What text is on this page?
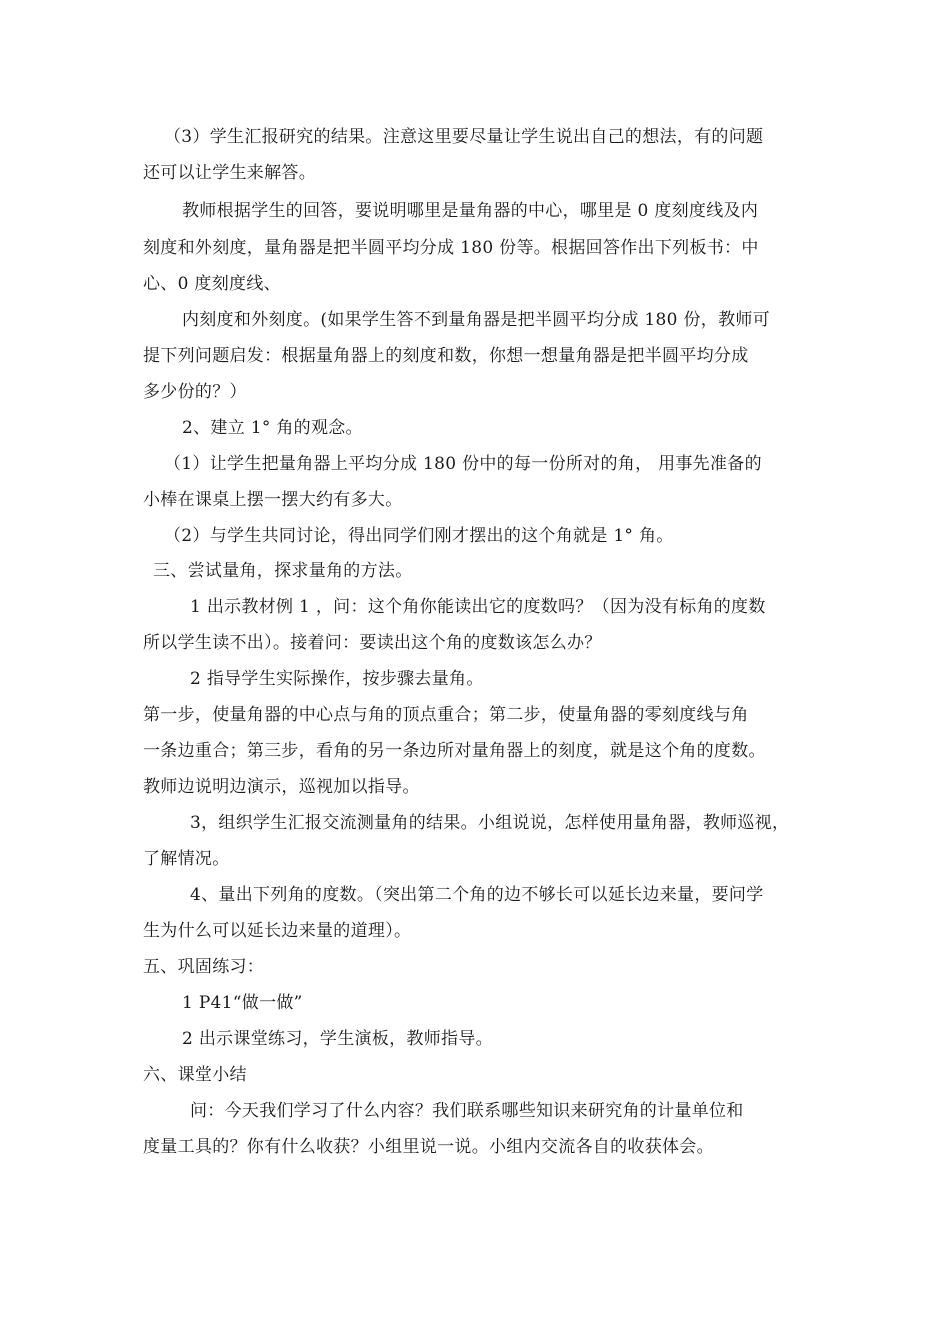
（3）学生汇报研究的结果。注意这里要尽量让学生说出自己的想法，有的问题
还可以让学生来解答。
教师根据学生的回答，要说明哪里是量角器的中心，哪里是 0 度刻度线及内
刻度和外刻度，量角器是把半圆平均分成 180 份等。根据回答作出下列板书：中
心、0 度刻度线、
内刻度和外刻度。(如果学生答不到量角器是把半圆平均分成 180 份，教师可
提下列问题启发：根据量角器上的刻度和数，你想一想量角器是把半圆平均分成
多少份的？）
2、建立 1° 角的观念。
（1）让学生把量角器上平均分成 180 份中的每一份所对的角， 用事先准备的
小棒在课桌上摆一摆大约有多大。
（2）与学生共同讨论，得出同学们刚才摆出的这个角就是 1° 角。
三、尝试量角，探求量角的方法。
1 出示教材例 1 ，问：这个角你能读出它的度数吗？（因为没有标角的度数
所以学生读不出）。接着问：要读出这个角的度数该怎么办？
2 指导学生实际操作，按步骤去量角。
第一步，使量角器的中心点与角的顶点重合；第二步，使量角器的零刻度线与角
一条边重合；第三步，看角的另一条边所对量角器上的刻度，就是这个角的度数。
教师边说明边演示，巡视加以指导。
3，组织学生汇报交流测量角的结果。小组说说，怎样使用量角器，教师巡视，
了解情况。
4、量出下列角的度数。（突出第二个角的边不够长可以延长边来量，要问学
生为什么可以延长边来量的道理）。
五、巩固练习：
1 P41“做一做”
2 出示课堂练习，学生演板，教师指导。
六、课堂小结
问：今天我们学习了什么内容？我们联系哪些知识来研究角的计量单位和
度量工具的？你有什么收获？小组里说一说。小组内交流各自的收获体会。
